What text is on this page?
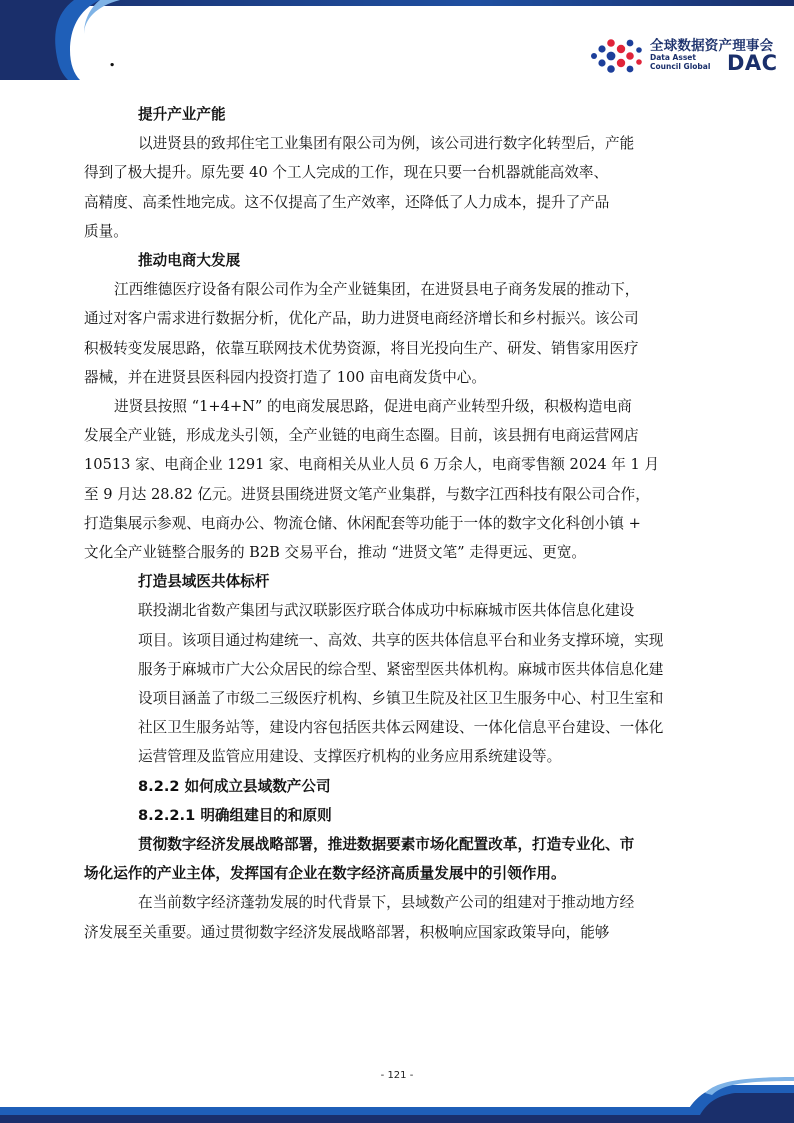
.
全球数据资产理事会
Data Asset
Council Global DAC
提升产业产能

以进贤县的致邦住宅工业集团有限公司为例，该公司进行数字化转型后，产能
得到了极大提升。原先要 40 个工人完成的工作，现在只要一台机器就能高效率、
高精度、高柔性地完成。这不仅提高了生产效率，还降低了人力成本，提升了产品
质量。

推动电商大发展

江西维德医疗设备有限公司作为全产业链集团，在进贤县电子商务发展的推动下，
通过对客户需求进行数据分析，优化产品，助力进贤电商经济增长和乡村振兴。该公司
积极转变发展思路，依靠互联网技术优势资源，将目光投向生产、研发、销售家用医疗
器械，并在进贤县医科园内投资打造了 100 亩电商发货中心。

进贤县按照 “1+4+N” 的电商发展思路，促进电商产业转型升级，积极构造电商
发展全产业链，形成龙头引领，全产业链的电商生态圈。目前，该县拥有电商运营网店
10513 家、电商企业 1291 家、电商相关从业人员 6 万余人，电商零售额 2024 年 1 月
至 9 月达 28.82 亿元。进贤县围绕进贤文笔产业集群，与数字江西科技有限公司合作，
打造集展示参观、电商办公、物流仓储、休闲配套等功能于一体的数字文化科创小镇 +
文化全产业链整合服务的 B2B 交易平台，推动 “进贤文笔” 走得更远、更宽。

打造县域医共体标杆

联投湖北省数产集团与武汉联影医疗联合体成功中标麻城市医共体信息化建设
项目。该项目通过构建统一、高效、共享的医共体信息平台和业务支撑环境，实现
服务于麻城市广大公众居民的综合型、紧密型医共体机构。麻城市医共体信息化建
设项目涵盖了市级二三级医疗机构、乡镇卫生院及社区卫生服务中心、村卫生室和
社区卫生服务站等，建设内容包括医共体云网建设、一体化信息平台建设、一体化
运营管理及监管应用建设、支撑医疗机构的业务应用系统建设等。

8.2.2 如何成立县域数产公司
8.2.2.1 明确组建目的和原则

贯彻数字经济发展战略部署，推进数据要素市场化配置改革，打造专业化、市
场化运作的产业主体，发挥国有企业在数字经济高质量发展中的引领作用。

在当前数字经济蓬勃发展的时代背景下，县域数产公司的组建对于推动地方经
济发展至关重要。通过贯彻数字经济发展战略部署，积极响应国家政策导向，能够

- 121 -
